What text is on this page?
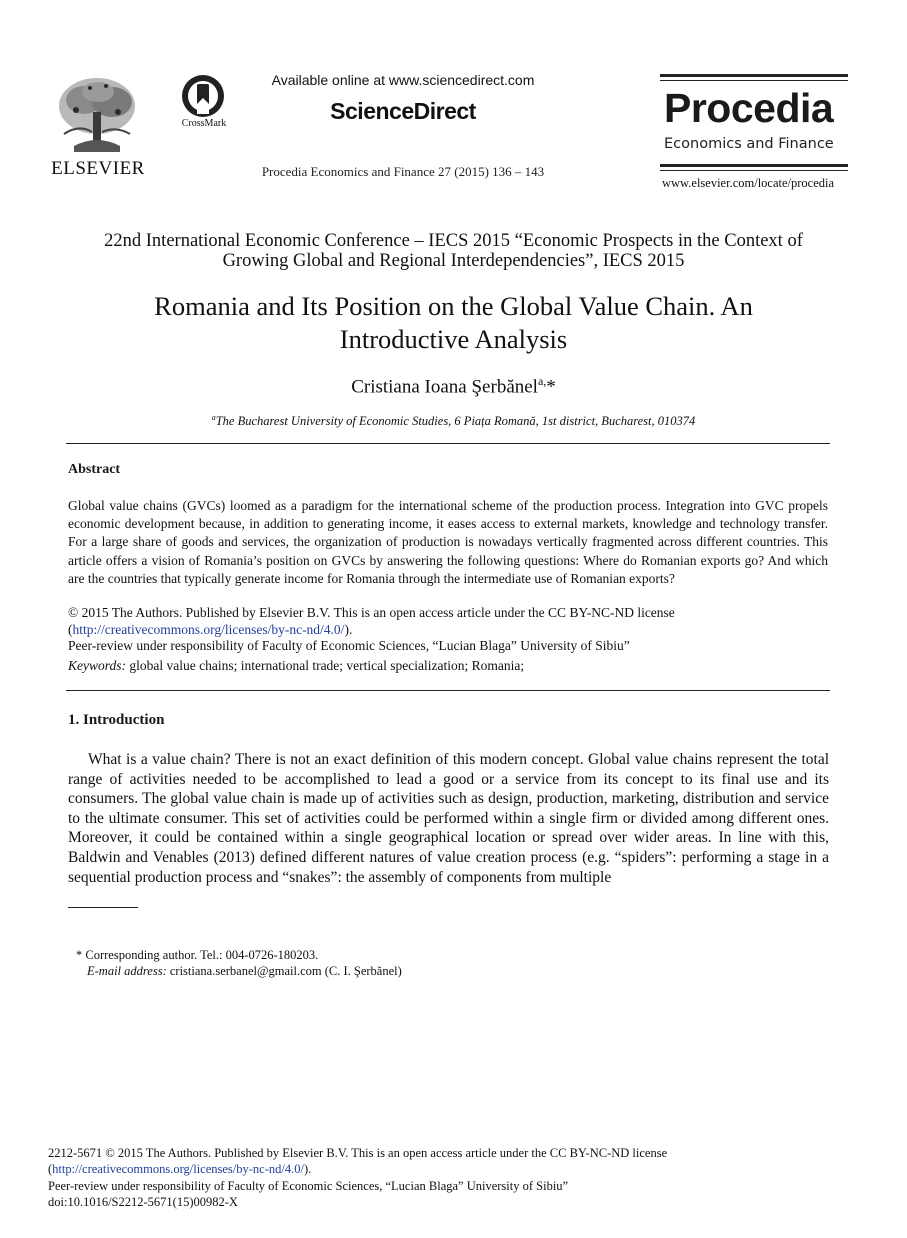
ELSEVIER
CrossMark
Available online at www.sciencedirect.com
ScienceDirect
Procedia Economics and Finance 27 (2015) 136 – 143
Procedia
Economics and Finance
www.elsevier.com/locate/procedia
22nd International Economic Conference – IECS 2015 “Economic Prospects in the Context of
Growing Global and Regional Interdependencies”, IECS 2015
Romania and Its Position on the Global Value Chain. An
Introductive Analysis
Cristiana Ioana Şerbănel$^{a,}$*
$^a$The Bucharest University of Economic Studies, 6 Piața Romană, 1st district, Bucharest, 010374
Abstract
Global value chains (GVCs) loomed as a paradigm for the international scheme of the production process. Integration into GVC propels economic development because, in addition to generating income, it eases access to external markets, knowledge and technology transfer. For a large share of goods and services, the organization of production is nowadays vertically fragmented across different countries. This article offers a vision of Romania’s position on GVCs by answering the following questions: Where do Romanian exports go? And which are the countries that typically generate income for Romania through the intermediate use of Romanian exports?
© 2015 The Authors. Published by Elsevier B.V. This is an open access article under the CC BY-NC-ND license
(http://creativecommons.org/licenses/by-nc-nd/4.0/).
Peer-review under responsibility of Faculty of Economic Sciences, “Lucian Blaga” University of Sibiu”
Keywords: global value chains; international trade; vertical specialization; Romania;
1. Introduction
What is a value chain? There is not an exact definition of this modern concept. Global value chains represent the total range of activities needed to be accomplished to lead a good or a service from its concept to its final use and its consumers. The global value chain is made up of activities such as design, production, marketing, distribution and service to the ultimate consumer. This set of activities could be performed within a single firm or divided among different ones. Moreover, it could be contained within a single geographical location or spread over wider areas. In line with this, Baldwin and Venables (2013) defined different natures of value creation process (e.g. “spiders”: performing a stage in a sequential production process and “snakes”: the assembly of components from multiple
* Corresponding author. Tel.: 004-0726-180203.
E-mail address: cristiana.serbanel@gmail.com (C. I. Şerbănel)
2212-5671 © 2015 The Authors. Published by Elsevier B.V. This is an open access article under the CC BY-NC-ND license
(http://creativecommons.org/licenses/by-nc-nd/4.0/).
Peer-review under responsibility of Faculty of Economic Sciences, “Lucian Blaga” University of Sibiu”
doi:10.1016/S2212-5671(15)00982-X
